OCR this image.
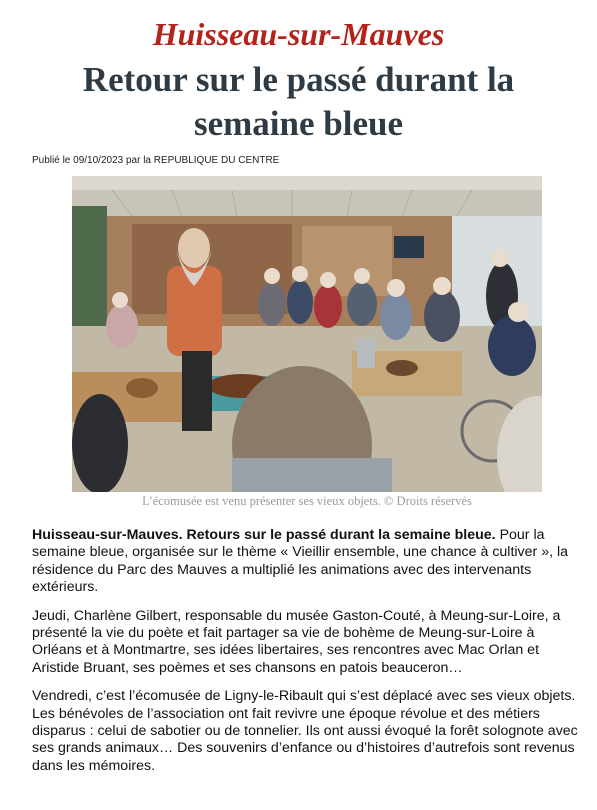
Huisseau-sur-Mauves
Retour sur le passé durant la semaine bleue
Publié le 09/10/2023 par la REPUBLIQUE DU CENTRE
L’écomusée est venu présenter ses vieux objets. © Droits réservés

Huisseau-sur-Mauves. Retours sur le passé durant la semaine bleue. Pour la semaine bleue, organisée sur le thème « Vieillir ensemble, une chance à cultiver », la résidence du Parc des Mauves a multiplié les animations avec des intervenants extérieurs.

Jeudi, Charlène Gilbert, responsable du musée Gaston-Couté, à Meung-sur-Loire, a présenté la vie du poète et fait partager sa vie de bohème de Meung-sur-Loire à Orléans et à Montmartre, ses idées libertaires, ses rencontres avec Mac Orlan et Aristide Bruant, ses poèmes et ses chansons en patois beauceron…

Vendredi, c’est l’écomusée de Ligny-le-Ribault qui s’est déplacé avec ses vieux objets. Les bénévoles de l’association ont fait revivre une époque révolue et des métiers disparus : celui de sabotier ou de tonnelier. Ils ont aussi évoqué la forêt solognote avec ses grands animaux… Des souvenirs d’enfance ou d’histoires d’autrefois sont revenus dans les mémoires.
